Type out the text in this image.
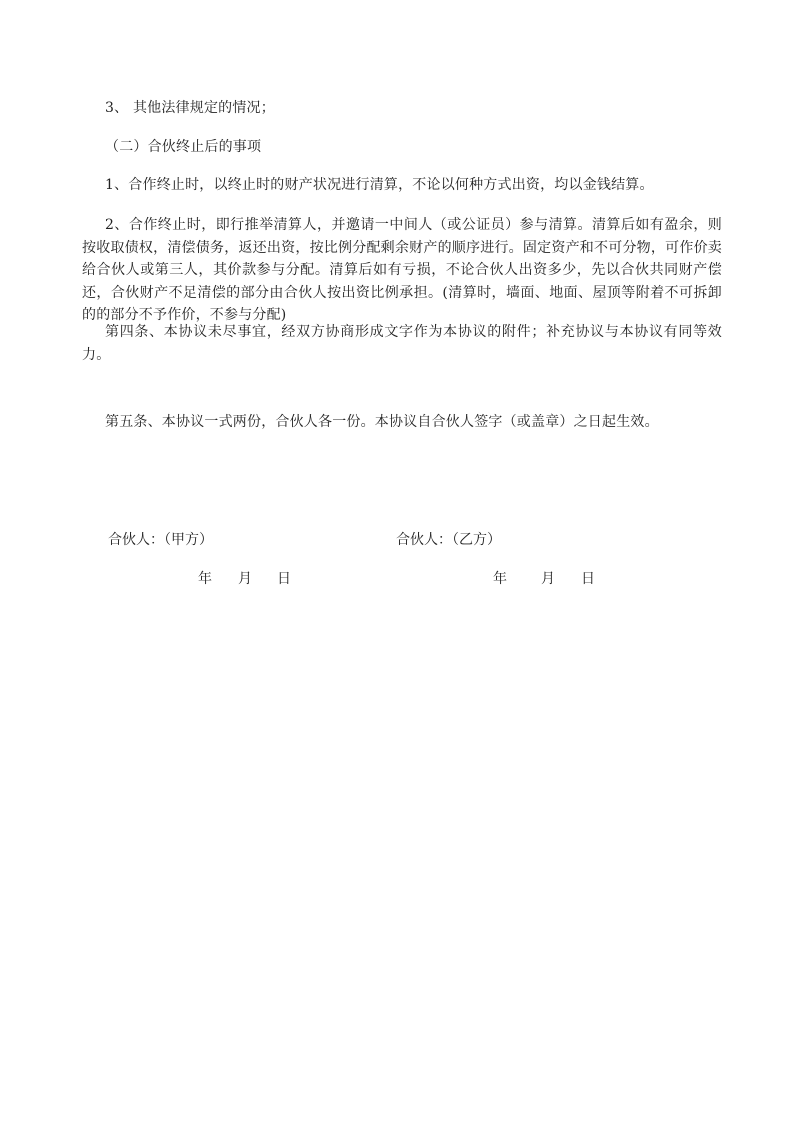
3、 其他法律规定的情况；

（二）合伙终止后的事项

1、合作终止时，以终止时的财产状况进行清算，不论以何种方式出资，均以金钱结算。

2、合作终止时，即行推举清算人，并邀请一中间人（或公证员）参与清算。清算后如有盈余，则按收取债权，清偿债务，返还出资，按比例分配剩余财产的顺序进行。固定资产和不可分物，可作价卖给合伙人或第三人，其价款参与分配。清算后如有亏损，不论合伙人出资多少，先以合伙共同财产偿还，合伙财产不足清偿的部分由合伙人按出资比例承担。(清算时，墙面、地面、屋顶等附着不可拆卸的的部分不予作价，不参与分配)

第四条、本协议未尽事宜，经双方协商形成文字作为本协议的附件；补充协议与本协议有同等效力。

第五条、本协议一式两份，合伙人各一份。本协议自合伙人签字（或盖章）之日起生效。

合伙人：（甲方）	合伙人：（乙方）

年 月 日	年 月 日
